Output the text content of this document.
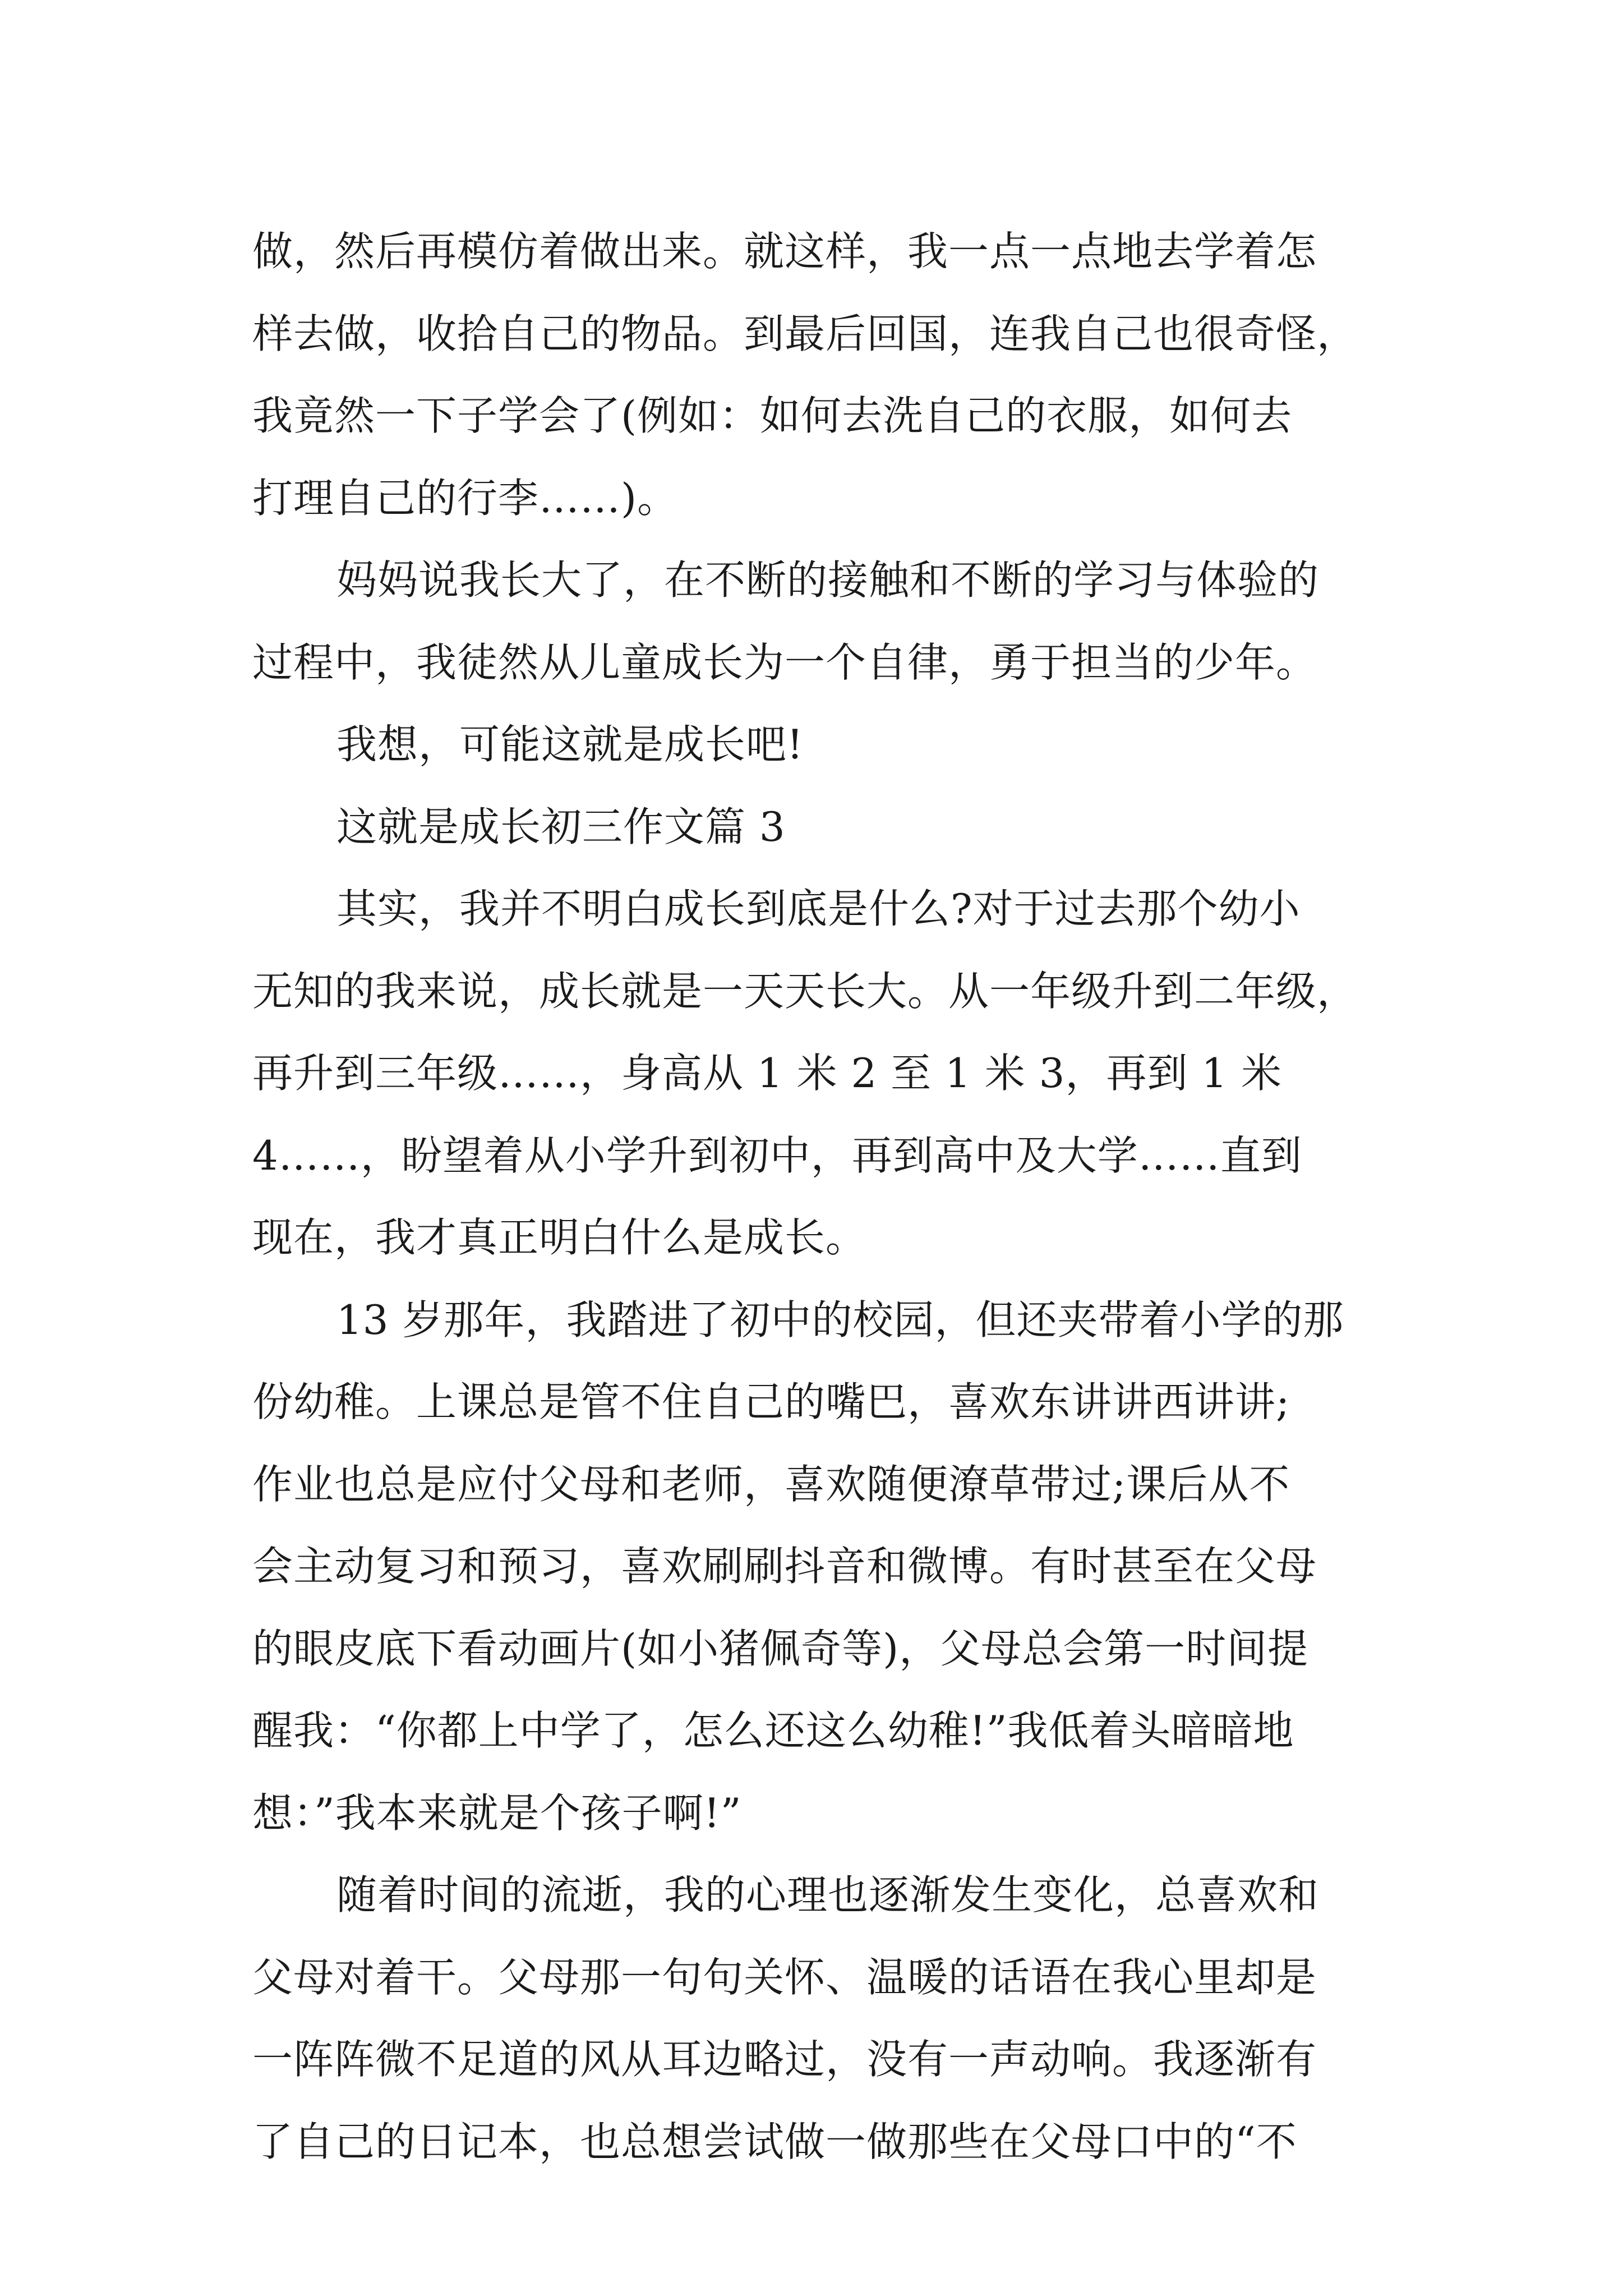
做，然后再模仿着做出来。就这样，我一点一点地去学着怎
样去做，收拾自己的物品。到最后回国，连我自己也很奇怪，
我竟然一下子学会了(例如：如何去洗自己的衣服，如何去
打理自己的行李……)。
妈妈说我长大了，在不断的接触和不断的学习与体验的
过程中，我徒然从儿童成长为一个自律，勇于担当的少年。
我想，可能这就是成长吧!
这就是成长初三作文篇 3
其实，我并不明白成长到底是什么?对于过去那个幼小
无知的我来说，成长就是一天天长大。从一年级升到二年级，
再升到三年级……，身高从 1 米 2 至 1 米 3，再到 1 米
4……，盼望着从小学升到初中，再到高中及大学……直到
现在，我才真正明白什么是成长。
13 岁那年，我踏进了初中的校园，但还夹带着小学的那
份幼稚。上课总是管不住自己的嘴巴，喜欢东讲讲西讲讲;
作业也总是应付父母和老师，喜欢随便潦草带过;课后从不
会主动复习和预习，喜欢刷刷抖音和微博。有时甚至在父母
的眼皮底下看动画片(如小猪佩奇等)，父母总会第一时间提
醒我：“你都上中学了，怎么还这么幼稚!”我低着头暗暗地
想：”我本来就是个孩子啊!”
随着时间的流逝，我的心理也逐渐发生变化，总喜欢和
父母对着干。父母那一句句关怀、温暖的话语在我心里却是
一阵阵微不足道的风从耳边略过，没有一声动响。我逐渐有
了自己的日记本，也总想尝试做一做那些在父母口中的“不
